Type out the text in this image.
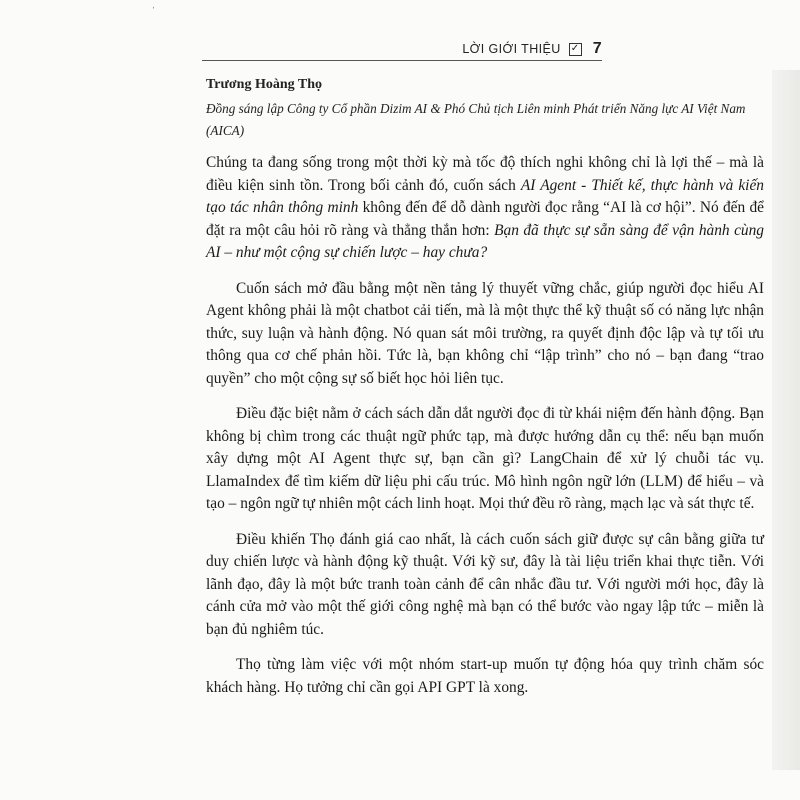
ˈ
LỜI GIỚI THIỆU ✓ 7
Trương Hoàng Thọ
Đồng sáng lập Công ty Cổ phần Dizim AI & Phó Chủ tịch Liên minh Phát triển Năng lực AI Việt Nam (AICA)

Chúng ta đang sống trong một thời kỳ mà tốc độ thích nghi không chỉ là lợi thế – mà là điều kiện sinh tồn. Trong bối cảnh đó, cuốn sách AI Agent - Thiết kế, thực hành và kiến tạo tác nhân thông minh không đến để dỗ dành người đọc rằng “AI là cơ hội”. Nó đến để đặt ra một câu hỏi rõ ràng và thẳng thắn hơn: Bạn đã thực sự sẵn sàng để vận hành cùng AI – như một cộng sự chiến lược – hay chưa?

Cuốn sách mở đầu bằng một nền tảng lý thuyết vững chắc, giúp người đọc hiểu AI Agent không phải là một chatbot cải tiến, mà là một thực thể kỹ thuật số có năng lực nhận thức, suy luận và hành động. Nó quan sát môi trường, ra quyết định độc lập và tự tối ưu thông qua cơ chế phản hồi. Tức là, bạn không chỉ “lập trình” cho nó – bạn đang “trao quyền” cho một cộng sự số biết học hỏi liên tục.

Điều đặc biệt nằm ở cách sách dẫn dắt người đọc đi từ khái niệm đến hành động. Bạn không bị chìm trong các thuật ngữ phức tạp, mà được hướng dẫn cụ thể: nếu bạn muốn xây dựng một AI Agent thực sự, bạn cần gì? LangChain để xử lý chuỗi tác vụ. LlamaIndex để tìm kiếm dữ liệu phi cấu trúc. Mô hình ngôn ngữ lớn (LLM) để hiểu – và tạo – ngôn ngữ tự nhiên một cách linh hoạt. Mọi thứ đều rõ ràng, mạch lạc và sát thực tế.

Điều khiến Thọ đánh giá cao nhất, là cách cuốn sách giữ được sự cân bằng giữa tư duy chiến lược và hành động kỹ thuật. Với kỹ sư, đây là tài liệu triển khai thực tiễn. Với lãnh đạo, đây là một bức tranh toàn cảnh để cân nhắc đầu tư. Với người mới học, đây là cánh cửa mở vào một thế giới công nghệ mà bạn có thể bước vào ngay lập tức – miễn là bạn đủ nghiêm túc.

Thọ từng làm việc với một nhóm start-up muốn tự động hóa quy trình chăm sóc khách hàng. Họ tưởng chỉ cần gọi API GPT là xong.
